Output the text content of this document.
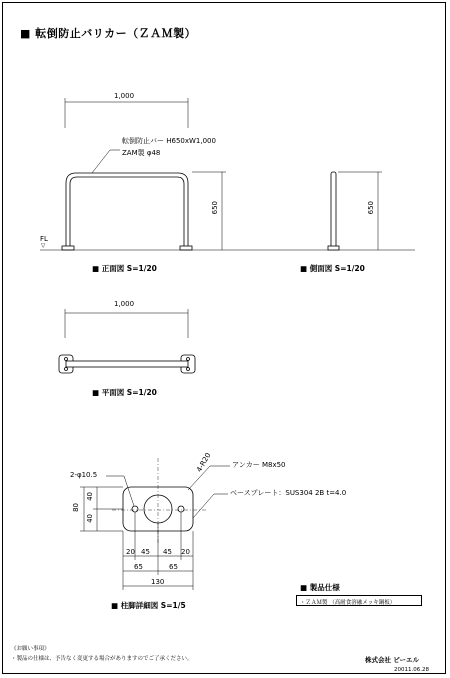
■ 転倒防止バリカー（ＺＡＭ製）
1,000
転倒防止バー H650xW1,000
ZAM製 φ48
650
FL
▽
■ 正面図 S=1/20
650
■ 側面図 S=1/20
1,000
■ 平面図 S=1/20
2-φ10.5
4-R20	アンカー M8x50
ベースプレート：SUS304 2B t=4.0
80
40
40
20 45 45 20
65	65
130
■ 柱脚詳細図 S=1/5
■ 製品仕様
・ＺＡＭ製 （高耐食溶融メッキ鋼板）
《お願い事項》
・製品の仕様は、予告なく変更する場合がありますのでご了承ください。	株式会社 ピーエル
20011.06.28
